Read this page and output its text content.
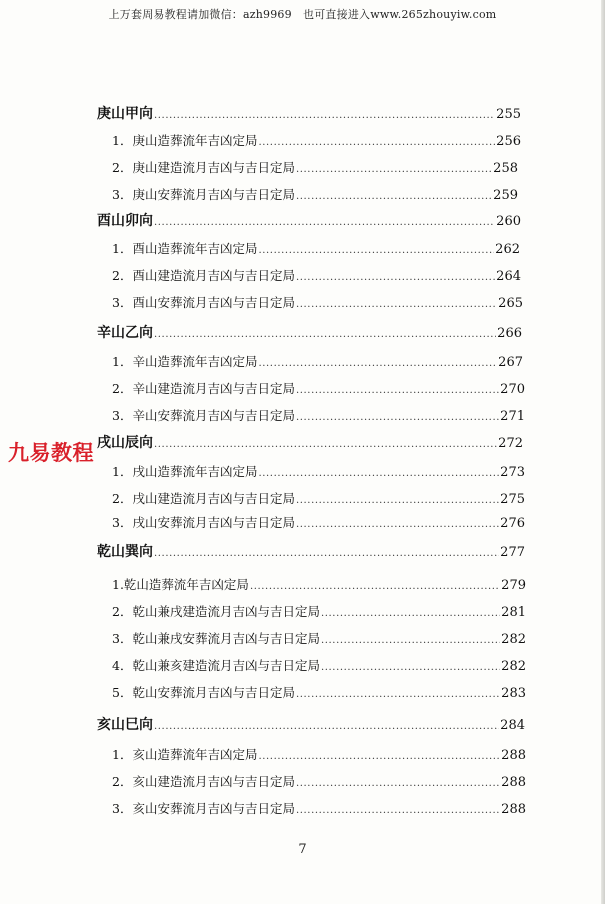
上万套周易教程请加微信：azh9969　也可直接进入www.265zhouyiw.com
庚山甲向 .....	255
1．庚山造葬流年吉凶定局 .....	256
2．庚山建造流月吉凶与吉日定局 .....	258
3．庚山安葬流月吉凶与吉日定局 .....	259
酉山卯向 .....	260
1．酉山造葬流年吉凶定局 .....	262
2．酉山建造流月吉凶与吉日定局 .....	264
3．酉山安葬流月吉凶与吉日定局 .....	265
辛山乙向 .....	266
1．辛山造葬流年吉凶定局 .....	267
2．辛山建造流月吉凶与吉日定局 .....	270
3．辛山安葬流月吉凶与吉日定局 .....	271
戌山辰向 .....	272
1．戌山造葬流年吉凶定局 .....	273
2．戌山建造流月吉凶与吉日定局 .....	275
3．戌山安葬流月吉凶与吉日定局 .....	276
乾山巽向 .....	277
1.乾山造葬流年吉凶定局 .....	279
2．乾山兼戌建造流月吉凶与吉日定局 .....	281
3．乾山兼戌安葬流月吉凶与吉日定局 .....	282
4．乾山兼亥建造流月吉凶与吉日定局 .....	282
5．乾山安葬流月吉凶与吉日定局 .....	283
亥山巳向 .....	284
1．亥山造葬流年吉凶定局 .....	288
2．亥山建造流月吉凶与吉日定局 .....	288
3．亥山安葬流月吉凶与吉日定局 .....	288
九易教程
7
